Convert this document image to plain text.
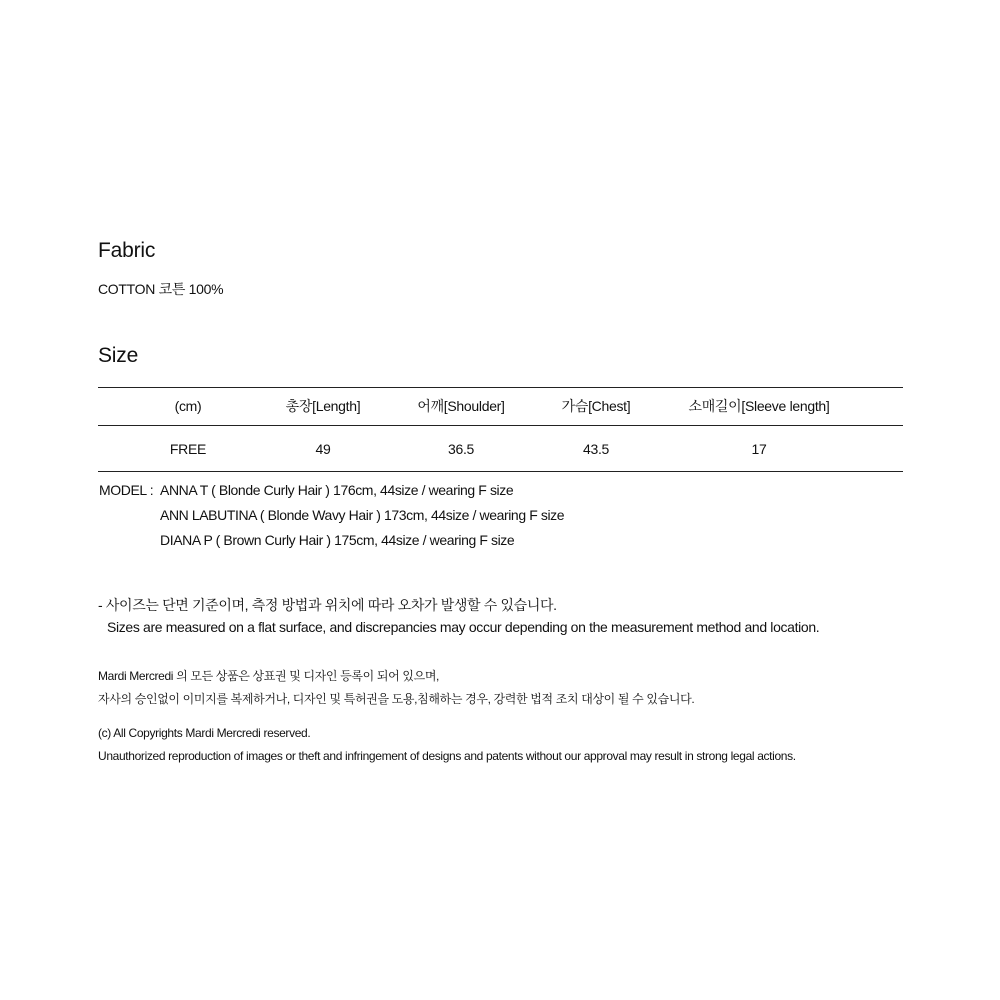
Fabric
COTTON 코튼 100%
Size
(cm)	총장[Length]	어깨[Shoulder]	가슴[Chest]	소매길이[Sleeve length]
FREE	49	36.5	43.5	17
MODEL : ANNA T ( Blonde Curly Hair ) 176cm, 44size / wearing F size
ANN LABUTINA ( Blonde Wavy Hair ) 173cm, 44size / wearing F size
DIANA P ( Brown Curly Hair ) 175cm, 44size / wearing F size
- 사이즈는 단면 기준이며, 측정 방법과 위치에 따라 오차가 발생할 수 있습니다.
Sizes are measured on a flat surface, and discrepancies may occur depending on the measurement method and location.
Mardi Mercredi 의 모든 상품은 상표권 및 디자인 등록이 되어 있으며,
자사의 승인없이 이미지를 복제하거나, 디자인 및 특허권을 도용,침해하는 경우, 강력한 법적 조치 대상이 될 수 있습니다.
(c) All Copyrights Mardi Mercredi reserved.
Unauthorized reproduction of images or theft and infringement of designs and patents without our approval may result in strong legal actions.
